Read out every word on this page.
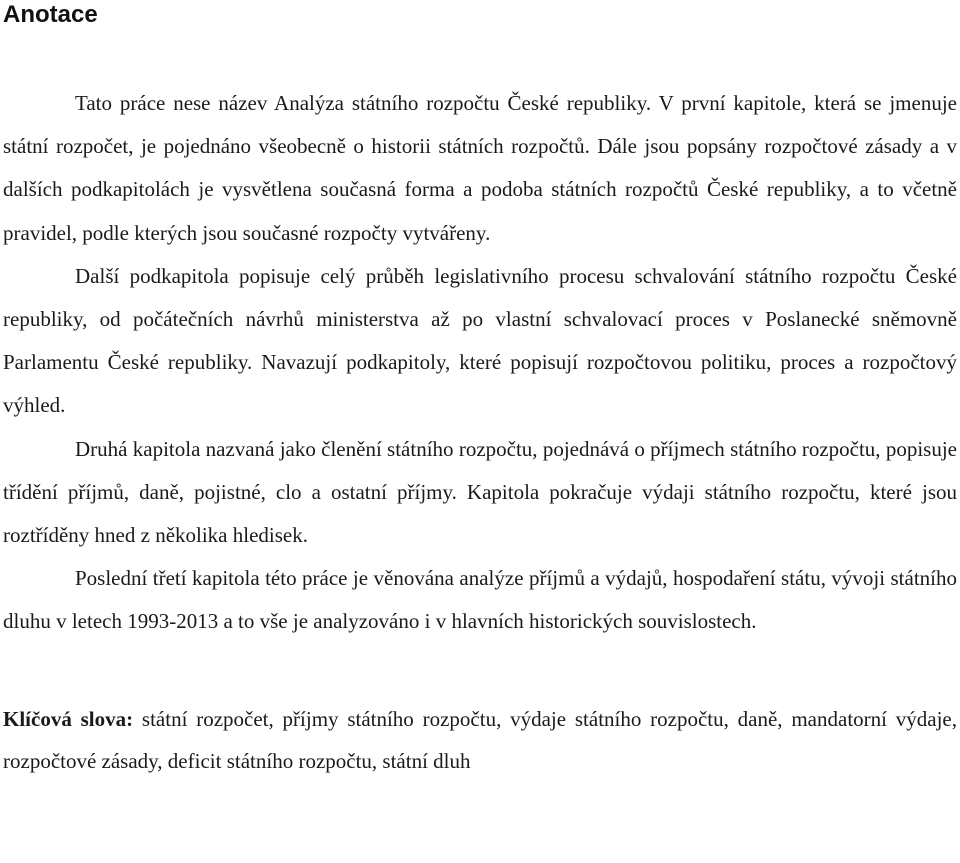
Anotace

Tato práce nese název Analýza státního rozpočtu České republiky. V první kapitole, která se jmenuje státní rozpočet, je pojednáno všeobecně o historii státních rozpočtů. Dále jsou popsány rozpočtové zásady a v dalších podkapitolách je vysvětlena současná forma a podoba státních rozpočtů České republiky, a to včetně pravidel, podle kterých jsou současné rozpočty vytvářeny.

Další podkapitola popisuje celý průběh legislativního procesu schvalování státního rozpočtu České republiky, od počátečních návrhů ministerstva až po vlastní schvalovací proces v Poslanecké sněmovně Parlamentu České republiky. Navazují podkapitoly, které popisují rozpočtovou politiku, proces a rozpočtový výhled.

Druhá kapitola nazvaná jako členění státního rozpočtu, pojednává o příjmech státního rozpočtu, popisuje třídění příjmů, daně, pojistné, clo a ostatní příjmy. Kapitola pokračuje výdaji státního rozpočtu, které jsou roztříděny hned z několika hledisek.

Poslední třetí kapitola této práce je věnována analýze příjmů a výdajů, hospodaření státu, vývoji státního dluhu v letech 1993-2013 a to vše je analyzováno i v hlavních historických souvislostech.

Klíčová slova: státní rozpočet, příjmy státního rozpočtu, výdaje státního rozpočtu, daně, mandatorní výdaje, rozpočtové zásady, deficit státního rozpočtu, státní dluh
